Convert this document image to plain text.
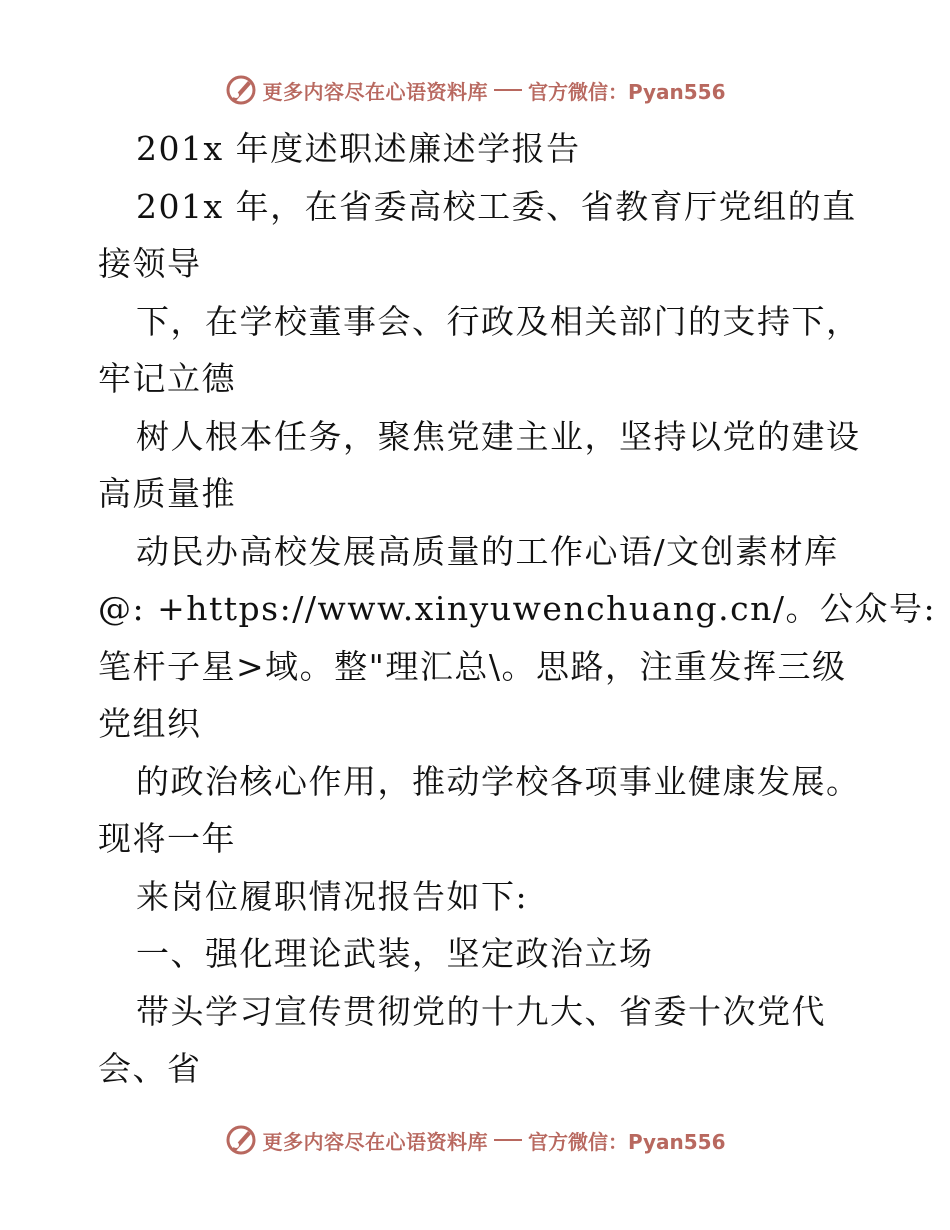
更多内容尽在心语资料库 官方微信：Pyan556
201x 年度述职述廉述学报告
201x 年，在省委高校工委、省教育厅党组的直
接领导
下，在学校董事会、行政及相关部门的支持下，
牢记立德
树人根本任务，聚焦党建主业，坚持以党的建设
高质量推
动民办高校发展高质量的工作心语/文创素材库
@: +https://www.xinyuwenchuang.cn/。公众号:
笔杆子星>域。整"理汇总\。思路，注重发挥三级
党组织
的政治核心作用，推动学校各项事业健康发展。
现将一年
来岗位履职情况报告如下:
一、强化理论武装，坚定政治立场
带头学习宣传贯彻党的十九大、省委十次党代
会、省
更多内容尽在心语资料库 官方微信：Pyan556
